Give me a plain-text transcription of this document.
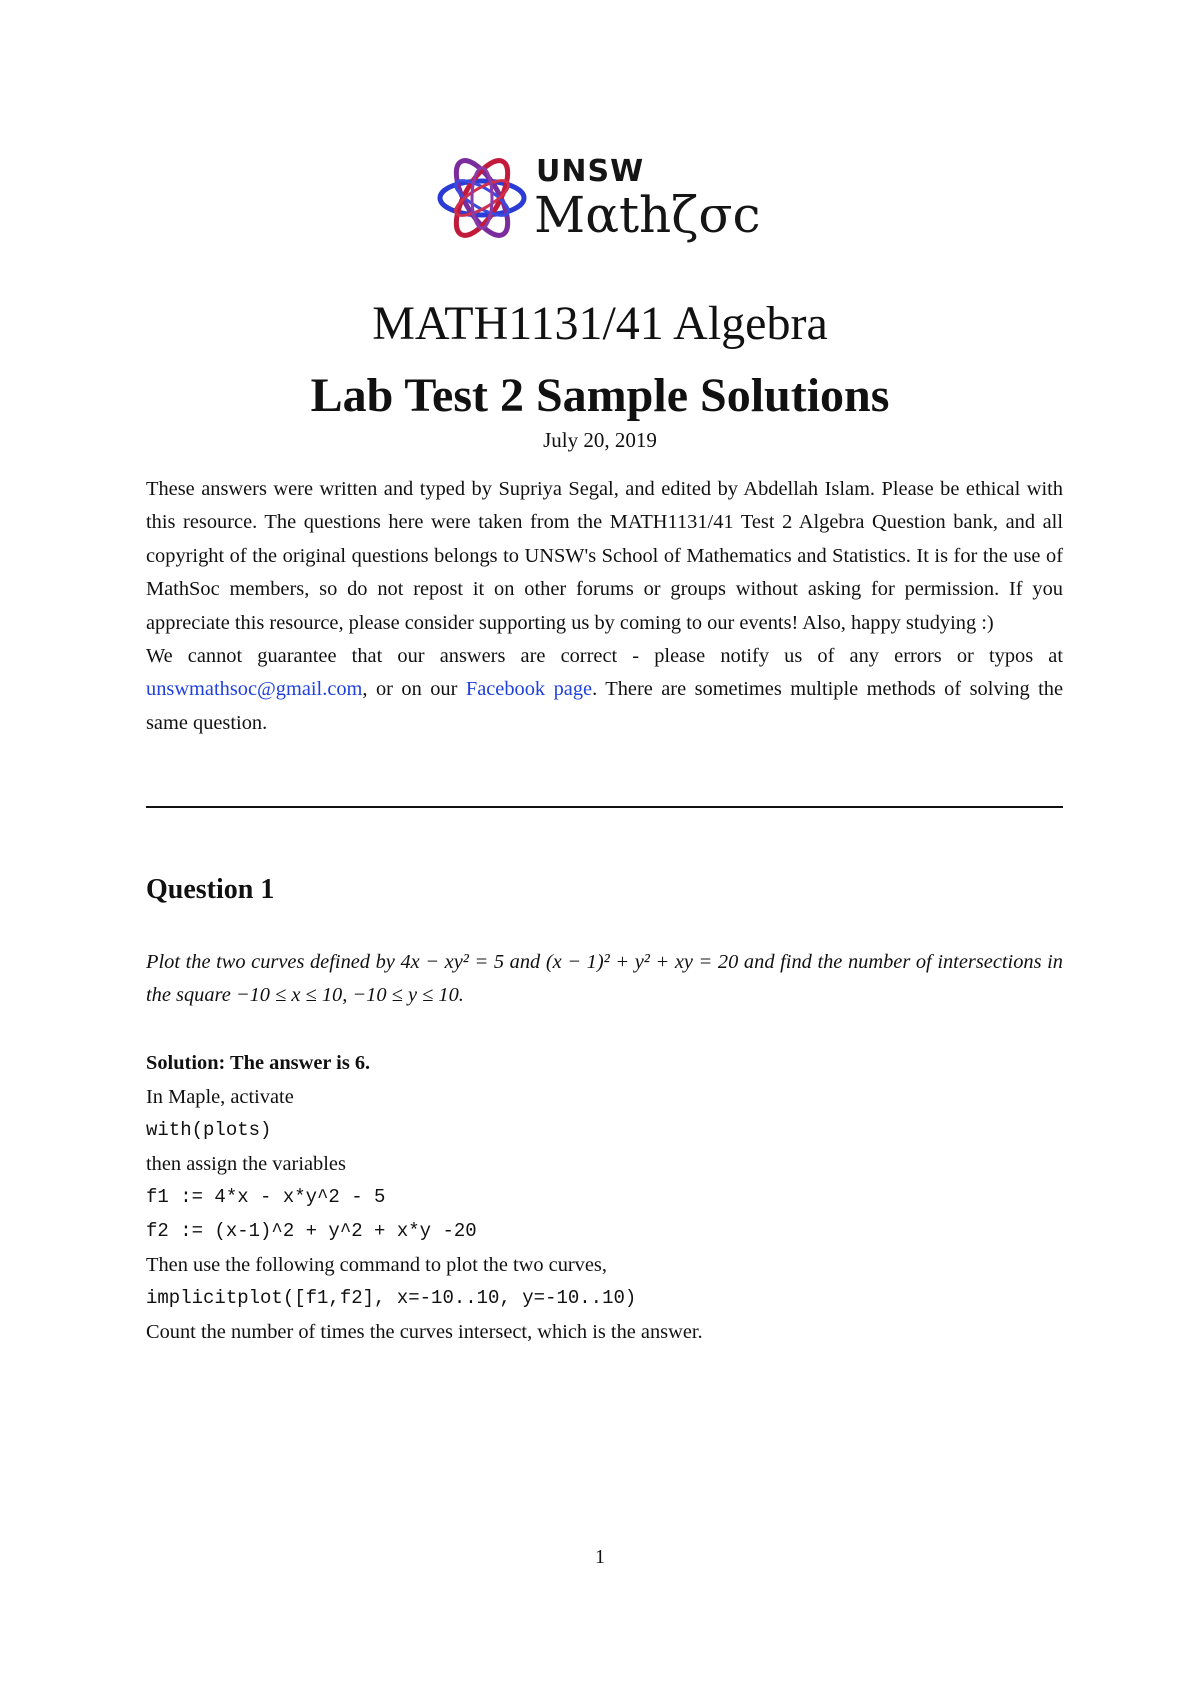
UNSW
Μαthζσc
MATH1131/41 Algebra
Lab Test 2 Sample Solutions
July 20, 2019

These answers were written and typed by Supriya Segal, and edited by Abdellah Islam. Please be ethical with this resource. The questions here were taken from the MATH1131/41 Test 2 Algebra Question bank, and all copyright of the original questions belongs to UNSW's School of Mathematics and Statistics. It is for the use of MathSoc members, so do not repost it on other forums or groups without asking for permission. If you appreciate this resource, please consider supporting us by coming to our events! Also, happy studying :)

We cannot guarantee that our answers are correct - please notify us of any errors or typos at unswmathsoc@gmail.com, or on our Facebook page. There are sometimes multiple methods of solving the same question.

Question 1
Plot the two curves defined by 4x − xy² = 5 and (x − 1)² + y² + xy = 20 and find the number of intersections in the square −10 ≤ x ≤ 10, −10 ≤ y ≤ 10.
Solution: The answer is 6.
In Maple, activate
with(plots)
then assign the variables
f1 := 4*x - x*y^2 - 5
f2 := (x-1)^2 + y^2 + x*y -20
Then use the following command to plot the two curves,
implicitplot([f1,f2], x=-10..10, y=-10..10)
Count the number of times the curves intersect, which is the answer.
1
